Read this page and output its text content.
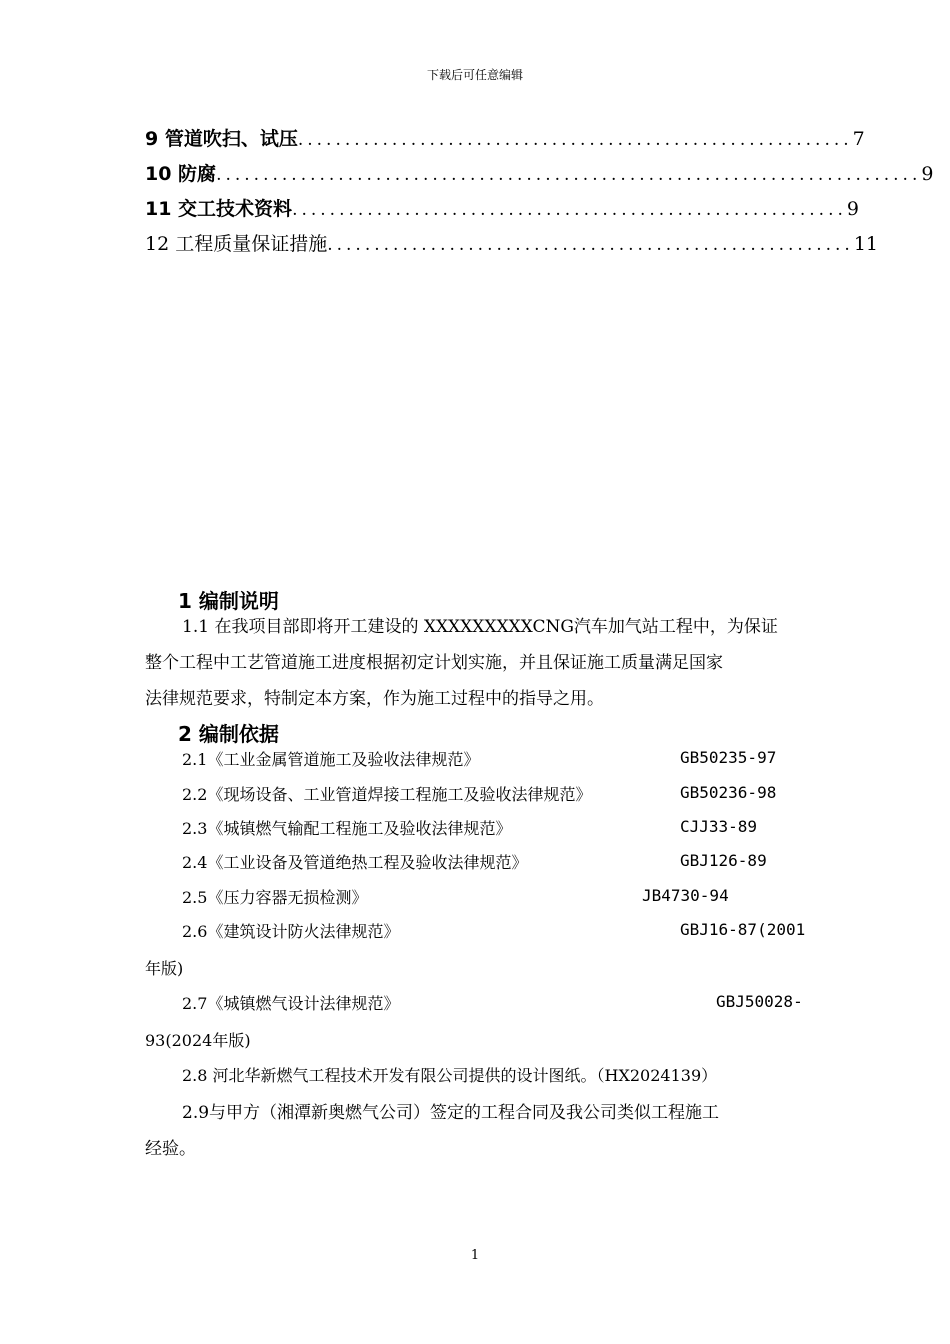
下载后可任意编辑
9 管道吹扫、试压 ........................................................... 7
10 防腐 ........................................................................... 9
11 交工技术资料 ........................................................... 9
12 工程质量保证措施 ........................................................ 11
1 编制说明
1.1 在我项目部即将开工建设的 XXXXXXXXXCNG汽车加气站工程中，为保证
整个工程中工艺管道施工进度根据初定计划实施，并且保证施工质量满足国家
法律规范要求，特制定本方案，作为施工过程中的指导之用。
2 编制依据
2.1《工业金属管道施工及验收法律规范》	GB50235-97
2.2《现场设备、工业管道焊接工程施工及验收法律规范》	GB50236-98
2.3《城镇燃气输配工程施工及验收法律规范》	CJJ33-89
2.4《工业设备及管道绝热工程及验收法律规范》	GBJ126-89
2.5《压力容器无损检测》	JB4730-94
2.6《建筑设计防火法律规范》	GBJ16-87(2001
年版)
2.7《城镇燃气设计法律规范》	GBJ50028-
93(2024年版)
2.8 河北华新燃气工程技术开发有限公司提供的设计图纸。（HX2024139）
2.9与甲方（湘潭新奥燃气公司）签定的工程合同及我公司类似工程施工
经验。
1
